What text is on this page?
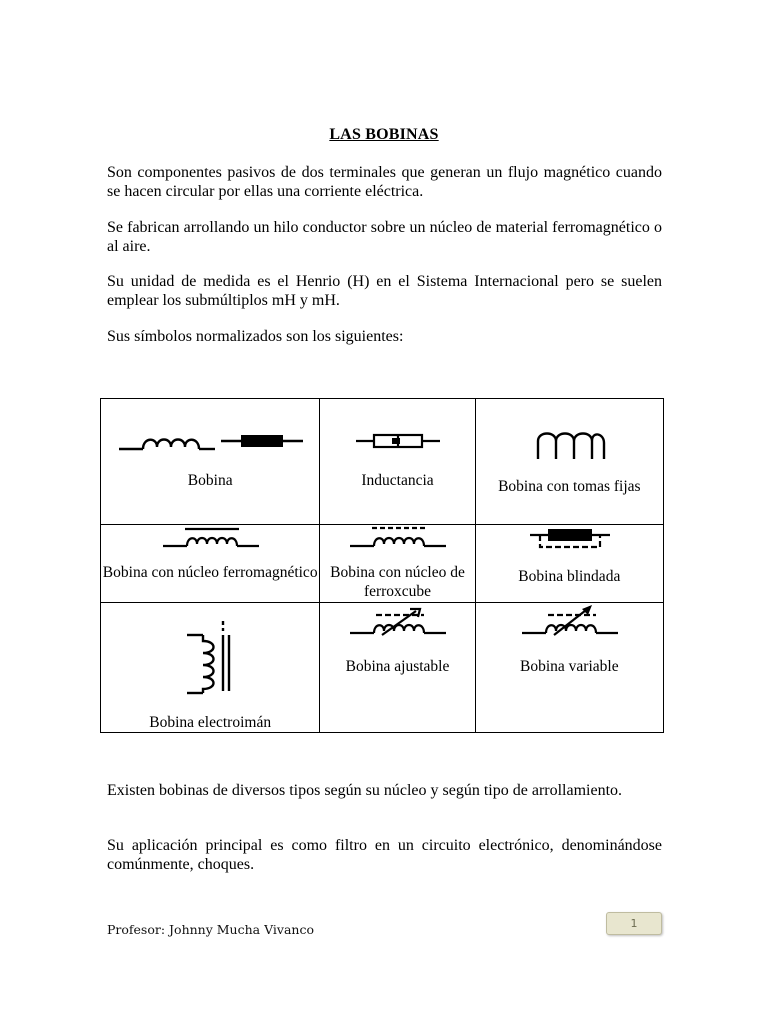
LAS BOBINAS
Son componentes pasivos de dos terminales que generan un flujo magnético cuando se hacen circular por ellas una corriente eléctrica.
Se fabrican arrollando un hilo conductor sobre un núcleo de material ferromagnético o al aire.
Su unidad de medida es el Henrio (H) en el Sistema Internacional pero se suelen emplear los submúltiplos mH y mH.
Sus símbolos normalizados son los siguientes:
Bobina	Inductancia	Bobina con tomas fijas

Bobina con núcleo ferromagnético	Bobina con núcleo de ferroxcube	Bobina blindada

Bobina electroimán	Bobina ajustable	Bobina variable
Existen bobinas de diversos tipos según su núcleo y según tipo de arrollamiento.
Su aplicación principal es como filtro en un circuito electrónico, denominándose comúnmente, choques.
Profesor: Johnny Mucha Vivanco	1
